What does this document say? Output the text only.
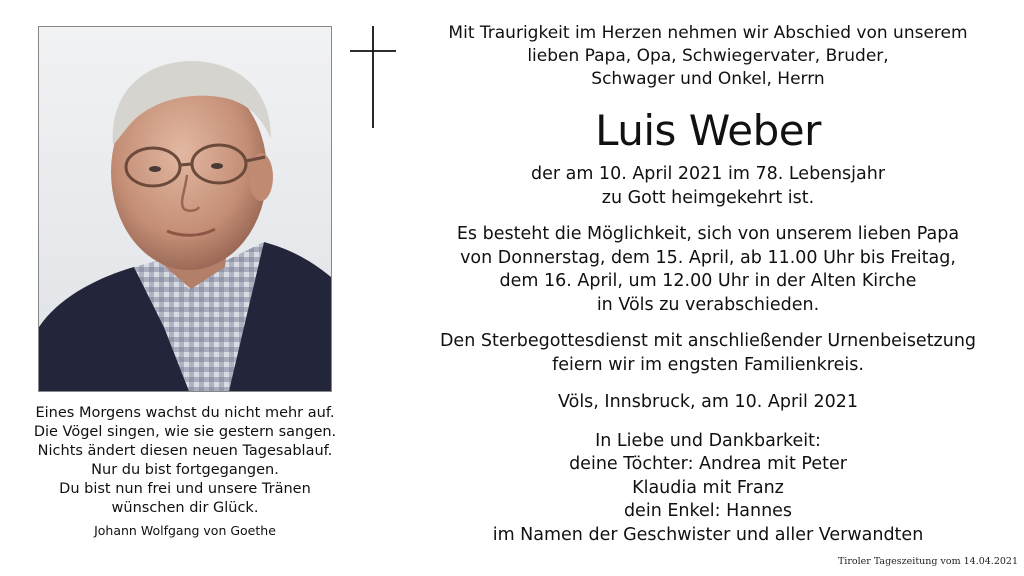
Eines Morgens wachst du nicht mehr auf.
Die Vögel singen, wie sie gestern sangen.
Nichts ändert diesen neuen Tagesablauf.
Nur du bist fortgegangen.
Du bist nun frei und unsere Tränen
wünschen dir Glück.
Johann Wolfgang von Goethe
Mit Traurigkeit im Herzen nehmen wir Abschied von unserem
lieben Papa, Opa, Schwiegervater, Bruder,
Schwager und Onkel, Herrn
Luis Weber
der am 10. April 2021 im 78. Lebensjahr
zu Gott heimgekehrt ist.
Es besteht die Möglichkeit, sich von unserem lieben Papa
von Donnerstag, dem 15. April, ab 11.00 Uhr bis Freitag,
dem 16. April, um 12.00 Uhr in der Alten Kirche
in Völs zu verabschieden.
Den Sterbegottesdienst mit anschließender Urnenbeisetzung
feiern wir im engsten Familienkreis.
Völs, Innsbruck, am 10. April 2021
In Liebe und Dankbarkeit:
deine Töchter: Andrea mit Peter
Klaudia mit Franz
dein Enkel: Hannes
im Namen der Geschwister und aller Verwandten
Tiroler Tageszeitung vom 14.04.2021
